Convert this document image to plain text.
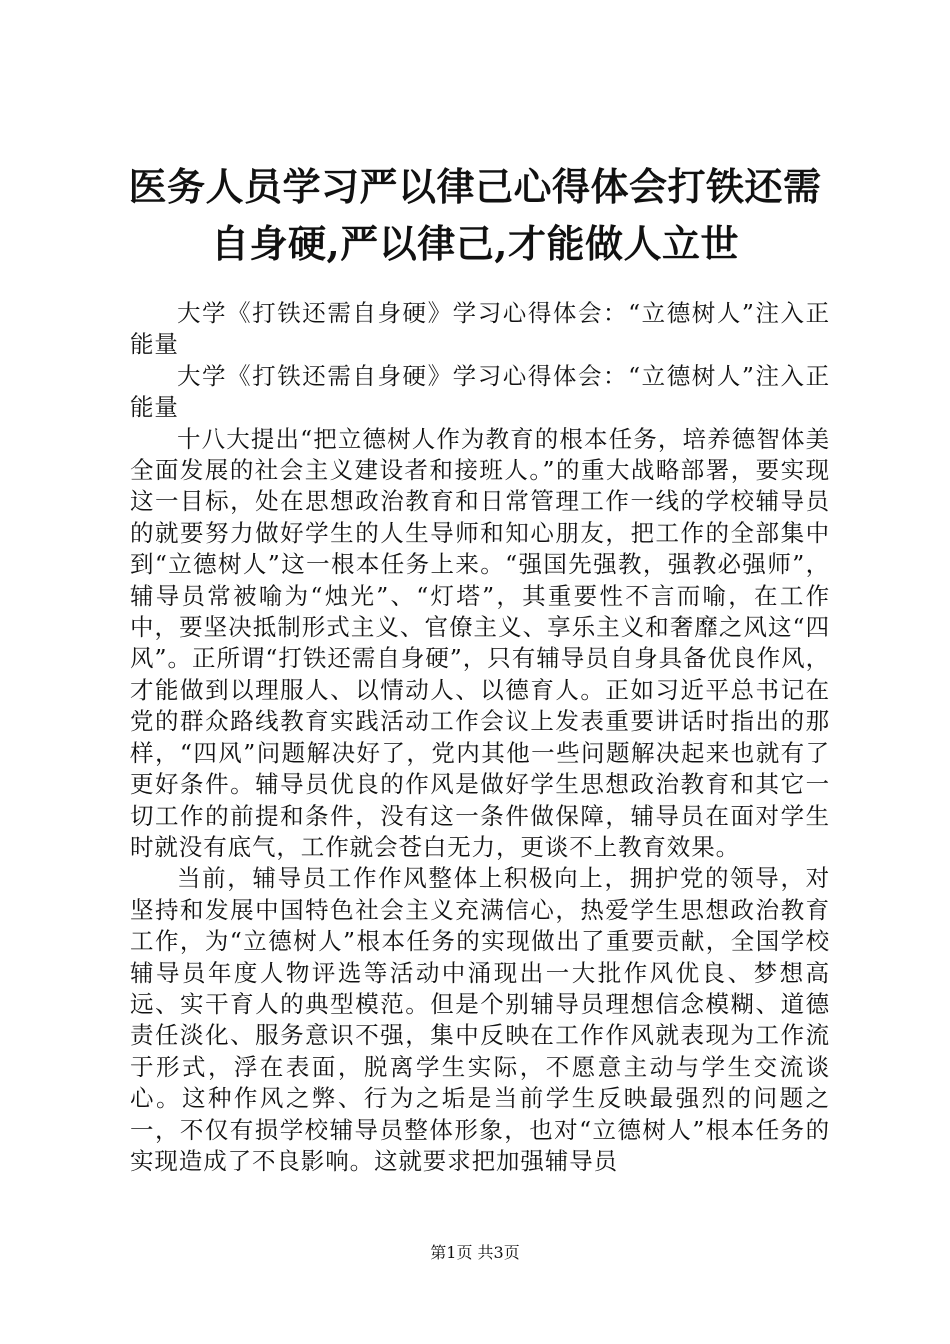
医务人员学习严以律己心得体会打铁还需自身硬,严以律己,才能做人立世

大学《打铁还需自身硬》学习心得体会：“立德树人”注入正能量

大学《打铁还需自身硬》学习心得体会：“立德树人”注入正能量

十八大提出“把立德树人作为教育的根本任务，培养德智体美全面发展的社会主义建设者和接班人。”的重大战略部署，要实现这一目标，处在思想政治教育和日常管理工作一线的学校辅导员的就要努力做好学生的人生导师和知心朋友，把工作的全部集中到“立德树人”这一根本任务上来。“强国先强教，强教必强师”，辅导员常被喻为“烛光”、“灯塔”，其重要性不言而喻，在工作中，要坚决抵制形式主义、官僚主义、享乐主义和奢靡之风这“四风”。正所谓“打铁还需自身硬”，只有辅导员自身具备优良作风，才能做到以理服人、以情动人、以德育人。正如习近平总书记在党的群众路线教育实践活动工作会议上发表重要讲话时指出的那样，“四风”问题解决好了，党内其他一些问题解决起来也就有了更好条件。辅导员优良的作风是做好学生思想政治教育和其它一切工作的前提和条件，没有这一条件做保障，辅导员在面对学生时就没有底气，工作就会苍白无力，更谈不上教育效果。

当前，辅导员工作作风整体上积极向上，拥护党的领导，对坚持和发展中国特色社会主义充满信心，热爱学生思想政治教育工作，为“立德树人”根本任务的实现做出了重要贡献，全国学校辅导员年度人物评选等活动中涌现出一大批作风优良、梦想高远、实干育人的典型模范。但是个别辅导员理想信念模糊、道德责任淡化、服务意识不强，集中反映在工作作风就表现为工作流于形式，浮在表面，脱离学生实际，不愿意主动与学生交流谈心。这种作风之弊、行为之垢是当前学生反映最强烈的问题之一，不仅有损学校辅导员整体形象，也对“立德树人”根本任务的实现造成了不良影响。这就要求把加强辅导员

第1页 共3页
